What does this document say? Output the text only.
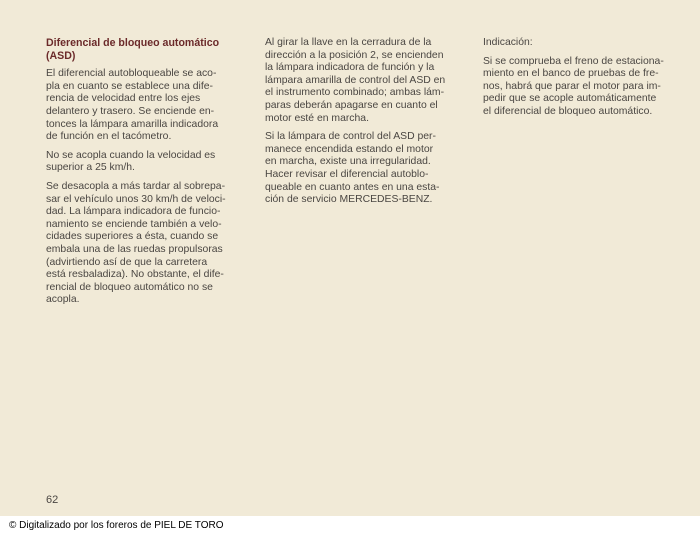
Diferencial de bloqueo automático
(ASD)
El diferencial autobloqueable se aco-
pla en cuanto se establece una dife-
rencia de velocidad entre los ejes
delantero y trasero. Se enciende en-
tonces la lámpara amarilla indicadora
de función en el tacómetro.
No se acopla cuando la velocidad es
superior a 25 km/h.
Se desacopla a más tardar al sobrepa-
sar el vehículo unos 30 km/h de veloci-
dad. La lámpara indicadora de funcio-
namiento se enciende también a velo-
cidades superiores a ésta, cuando se
embala una de las ruedas propulsoras
(advirtiendo así de que la carretera
está resbaladiza). No obstante, el dife-
rencial de bloqueo automático no se
acopla.
Al girar la llave en la cerradura de la
dirección a la posición 2, se encienden
la lámpara indicadora de función y la
lámpara amarilla de control del ASD en
el instrumento combinado; ambas lám-
paras deberán apagarse en cuanto el
motor esté en marcha.
Si la lámpara de control del ASD per-
manece encendida estando el motor
en marcha, existe una irregularidad.
Hacer revisar el diferencial autoblo-
queable en cuanto antes en una esta-
ción de servicio MERCEDES-BENZ.
Indicación:
Si se comprueba el freno de estaciona-
miento en el banco de pruebas de fre-
nos, habrá que parar el motor para im-
pedir que se acople automáticamente
el diferencial de bloqueo automático.
62
© Digitalizado por los foreros de PIEL DE TORO
